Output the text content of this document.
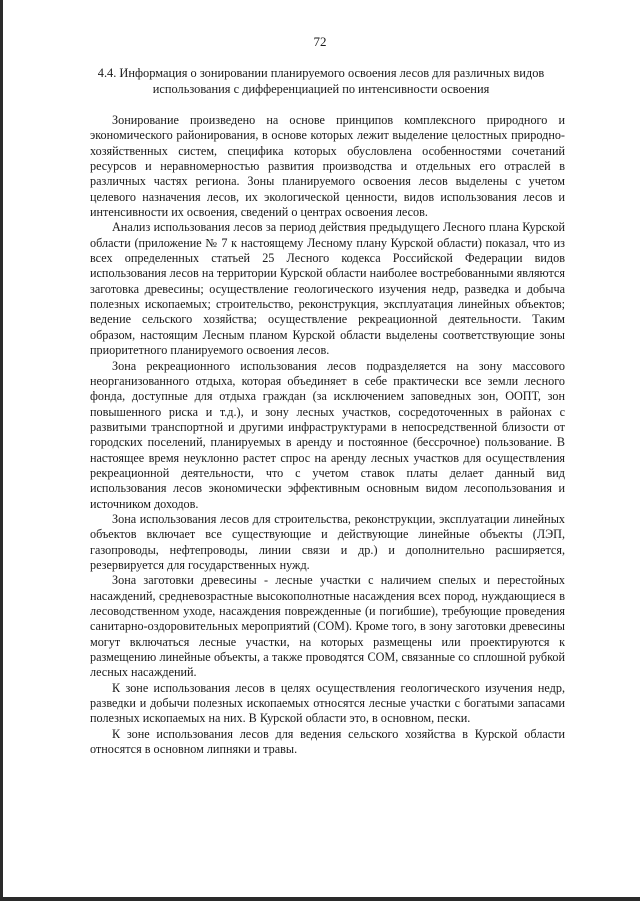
72
4.4. Информация о зонировании планируемого освоения лесов для различных видов использования с дифференциацией по интенсивности освоения

Зонирование произведено на основе принципов комплексного природного и экономического районирования, в основе которых лежит выделение целостных природно-хозяйственных систем, специфика которых обусловлена особенностями сочетаний ресурсов и неравномерностью развития производства и отдельных его отраслей в различных частях региона. Зоны планируемого освоения лесов выделены с учетом целевого назначения лесов, их экологической ценности, видов использования лесов и интенсивности их освоения, сведений о центрах освоения лесов.

Анализ использования лесов за период действия предыдущего Лесного плана Курской области (приложение № 7 к настоящему Лесному плану Курской области) показал, что из всех определенных статьей 25 Лесного кодекса Российской Федерации видов использования лесов на территории Курской области наиболее востребованными являются заготовка древесины; осуществление геологического изучения недр, разведка и добыча полезных ископаемых; строительство, реконструкция, эксплуатация линейных объектов; ведение сельского хозяйства; осуществление рекреационной деятельности. Таким образом, настоящим Лесным планом Курской области выделены соответствующие зоны приоритетного планируемого освоения лесов.

Зона рекреационного использования лесов подразделяется на зону массового неорганизованного отдыха, которая объединяет в себе практически все земли лесного фонда, доступные для отдыха граждан (за исключением заповедных зон, ООПТ, зон повышенного риска и т.д.), и зону лесных участков, сосредоточенных в районах с развитыми транспортной и другими инфраструктурами в непосредственной близости от городских поселений, планируемых в аренду и постоянное (бессрочное) пользование. В настоящее время неуклонно растет спрос на аренду лесных участков для осуществления рекреационной деятельности, что с учетом ставок платы делает данный вид использования лесов экономически эффективным основным видом лесопользования и источником доходов.

Зона использования лесов для строительства, реконструкции, эксплуатации линейных объектов включает все существующие и действующие линейные объекты (ЛЭП, газопроводы, нефтепроводы, линии связи и др.) и дополнительно расширяется, резервируется для государственных нужд.

Зона заготовки древесины - лесные участки с наличием спелых и перестойных насаждений, средневозрастные высокополнотные насаждения всех пород, нуждающиеся в лесоводственном уходе, насаждения поврежденные (и погибшие), требующие проведения санитарно-оздоровительных мероприятий (СОМ). Кроме того, в зону заготовки древесины могут включаться лесные участки, на которых размещены или проектируются к размещению линейные объекты, а также проводятся СОМ, связанные со сплошной рубкой лесных насаждений.

К зоне использования лесов в целях осуществления геологического изучения недр, разведки и добычи полезных ископаемых относятся лесные участки с богатыми запасами полезных ископаемых на них. В Курской области это, в основном, пески.

К зоне использования лесов для ведения сельского хозяйства в Курской области относятся в основном липняки и травы.
